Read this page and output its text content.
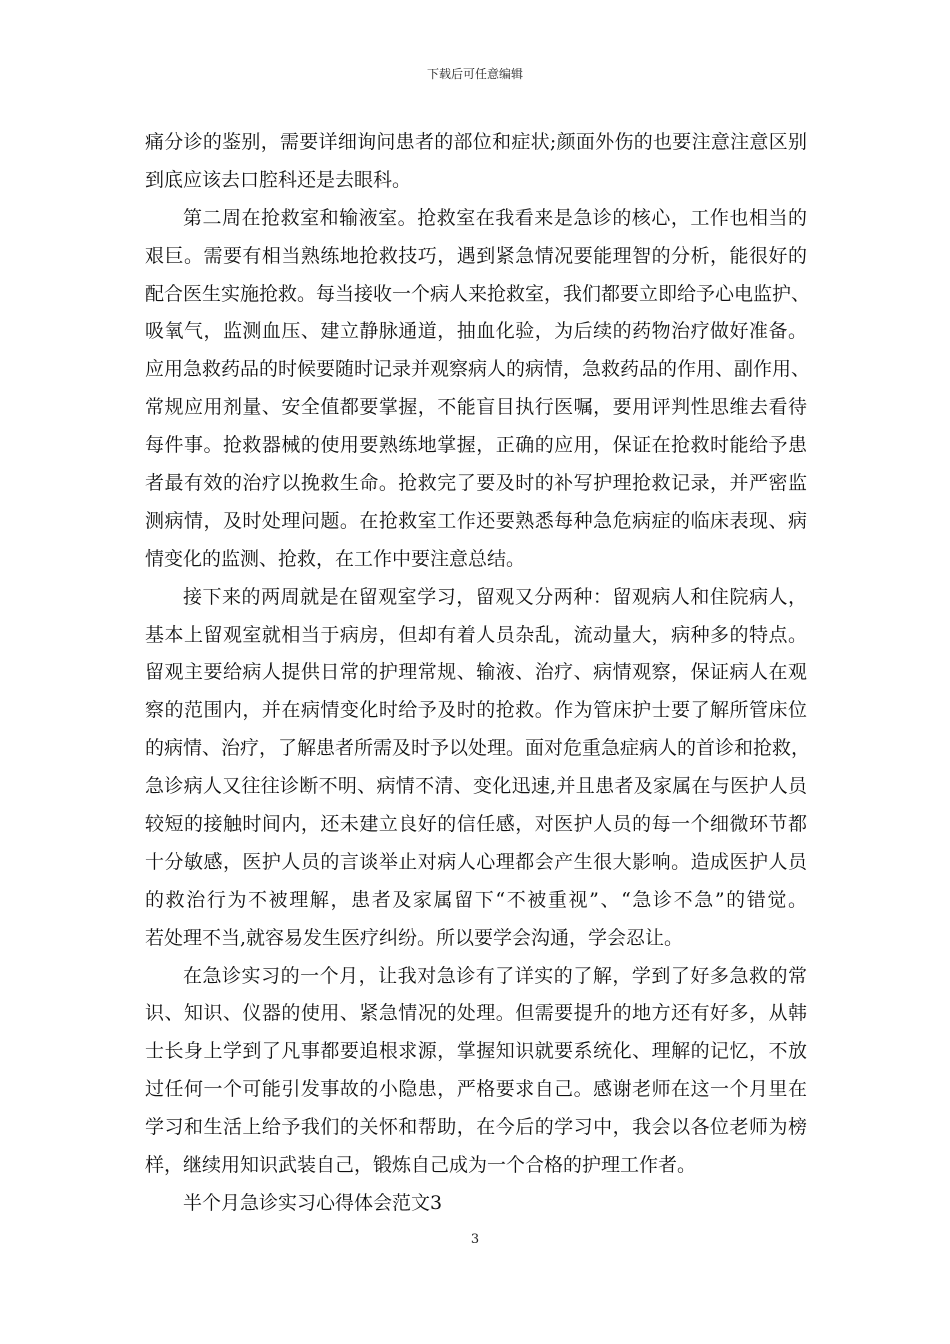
下载后可任意编辑
痛分诊的鉴别，需要详细询问患者的部位和症状;颜面外伤的也要注意注意区别
到底应该去口腔科还是去眼科。
第二周在抢救室和输液室。抢救室在我看来是急诊的核心，工作也相当的
艰巨。需要有相当熟练地抢救技巧，遇到紧急情况要能理智的分析，能很好的
配合医生实施抢救。每当接收一个病人来抢救室，我们都要立即给予心电监护、
吸氧气，监测血压、建立静脉通道，抽血化验，为后续的药物治疗做好准备。
应用急救药品的时候要随时记录并观察病人的病情，急救药品的作用、副作用、
常规应用剂量、安全值都要掌握，不能盲目执行医嘱，要用评判性思维去看待
每件事。抢救器械的使用要熟练地掌握，正确的应用，保证在抢救时能给予患
者最有效的治疗以挽救生命。抢救完了要及时的补写护理抢救记录，并严密监
测病情，及时处理问题。在抢救室工作还要熟悉每种急危病症的临床表现、病
情变化的监测、抢救，在工作中要注意总结。
接下来的两周就是在留观室学习，留观又分两种：留观病人和住院病人，
基本上留观室就相当于病房，但却有着人员杂乱，流动量大，病种多的特点。
留观主要给病人提供日常的护理常规、输液、治疗、病情观察，保证病人在观
察的范围内，并在病情变化时给予及时的抢救。作为管床护士要了解所管床位
的病情、治疗，了解患者所需及时予以处理。面对危重急症病人的首诊和抢救，
急诊病人又往往诊断不明、病情不清、变化迅速,并且患者及家属在与医护人员
较短的接触时间内，还未建立良好的信任感，对医护人员的每一个细微环节都
十分敏感，医护人员的言谈举止对病人心理都会产生很大影响。造成医护人员
的救治行为不被理解，患者及家属留下“不被重视”、“急诊不急”的错觉。
若处理不当,就容易发生医疗纠纷。所以要学会沟通，学会忍让。
在急诊实习的一个月，让我对急诊有了详实的了解，学到了好多急救的常
识、知识、仪器的使用、紧急情况的处理。但需要提升的地方还有好多，从韩
士长身上学到了凡事都要追根求源，掌握知识就要系统化、理解的记忆，不放
过任何一个可能引发事故的小隐患，严格要求自己。感谢老师在这一个月里在
学习和生活上给予我们的关怀和帮助，在今后的学习中，我会以各位老师为榜
样，继续用知识武装自己，锻炼自己成为一个合格的护理工作者。
半个月急诊实习心得体会范文3
3
